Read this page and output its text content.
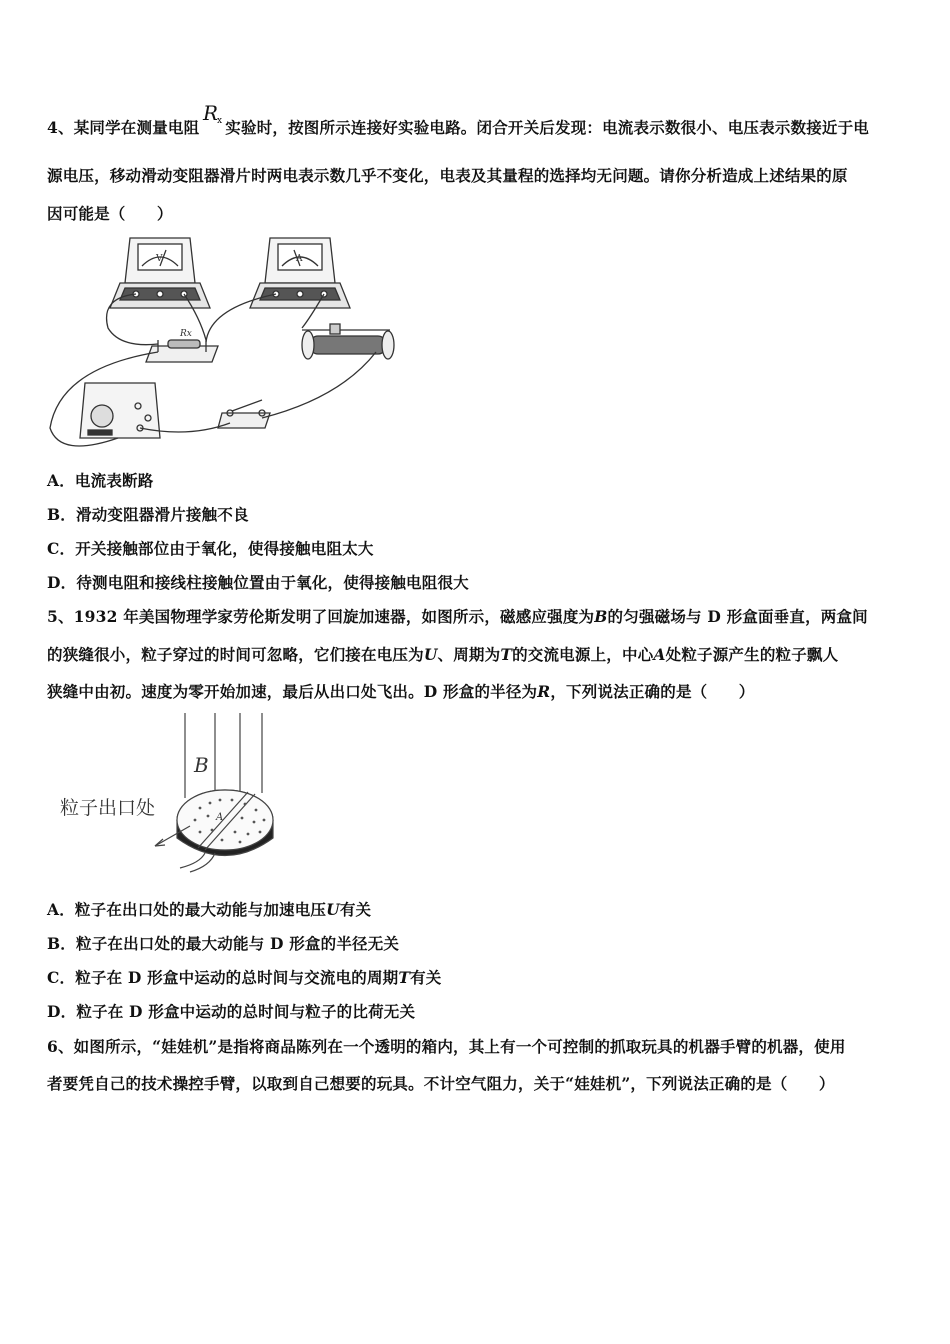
4、某同学在测量电阻 实验时，按图所示连接好实验电路。闭合开关后发现：电流表示数很小、电压表示数接近于电
R
x
源电压，移动滑动变阻器滑片时两电表示数几乎不变化，电表及其量程的选择均无问题。请你分析造成上述结果的原
因可能是（　　）
V	A
Rx
A．电流表断路
B．滑动变阻器滑片接触不良
C．开关接触部位由于氧化，使得接触电阻太大
D．待测电阻和接线柱接触位置由于氧化，使得接触电阻很大
5、1932 年美国物理学家劳伦斯发明了回旋加速器，如图所示，磁感应强度为B的匀强磁场与 D 形盒面垂直，两盒间
的狭缝很小，粒子穿过的时间可忽略，它们接在电压为U、周期为T的交流电源上，中心A处粒子源产生的粒子飘人
狭缝中由初。速度为零开始加速，最后从出口处飞出。D 形盒的半径为R，下列说法正确的是（　　）
B
A
粒子出口处
A．粒子在出口处的最大动能与加速电压U有关
B．粒子在出口处的最大动能与 D 形盒的半径无关
C．粒子在 D 形盒中运动的总时间与交流电的周期T有关
D．粒子在 D 形盒中运动的总时间与粒子的比荷无关
6、如图所示，“娃娃机”是指将商品陈列在一个透明的箱内，其上有一个可控制的抓取玩具的机器手臂的机器，使用
者要凭自己的技术操控手臂，以取到自己想要的玩具。不计空气阻力，关于“娃娃机”，下列说法正确的是（　　）
